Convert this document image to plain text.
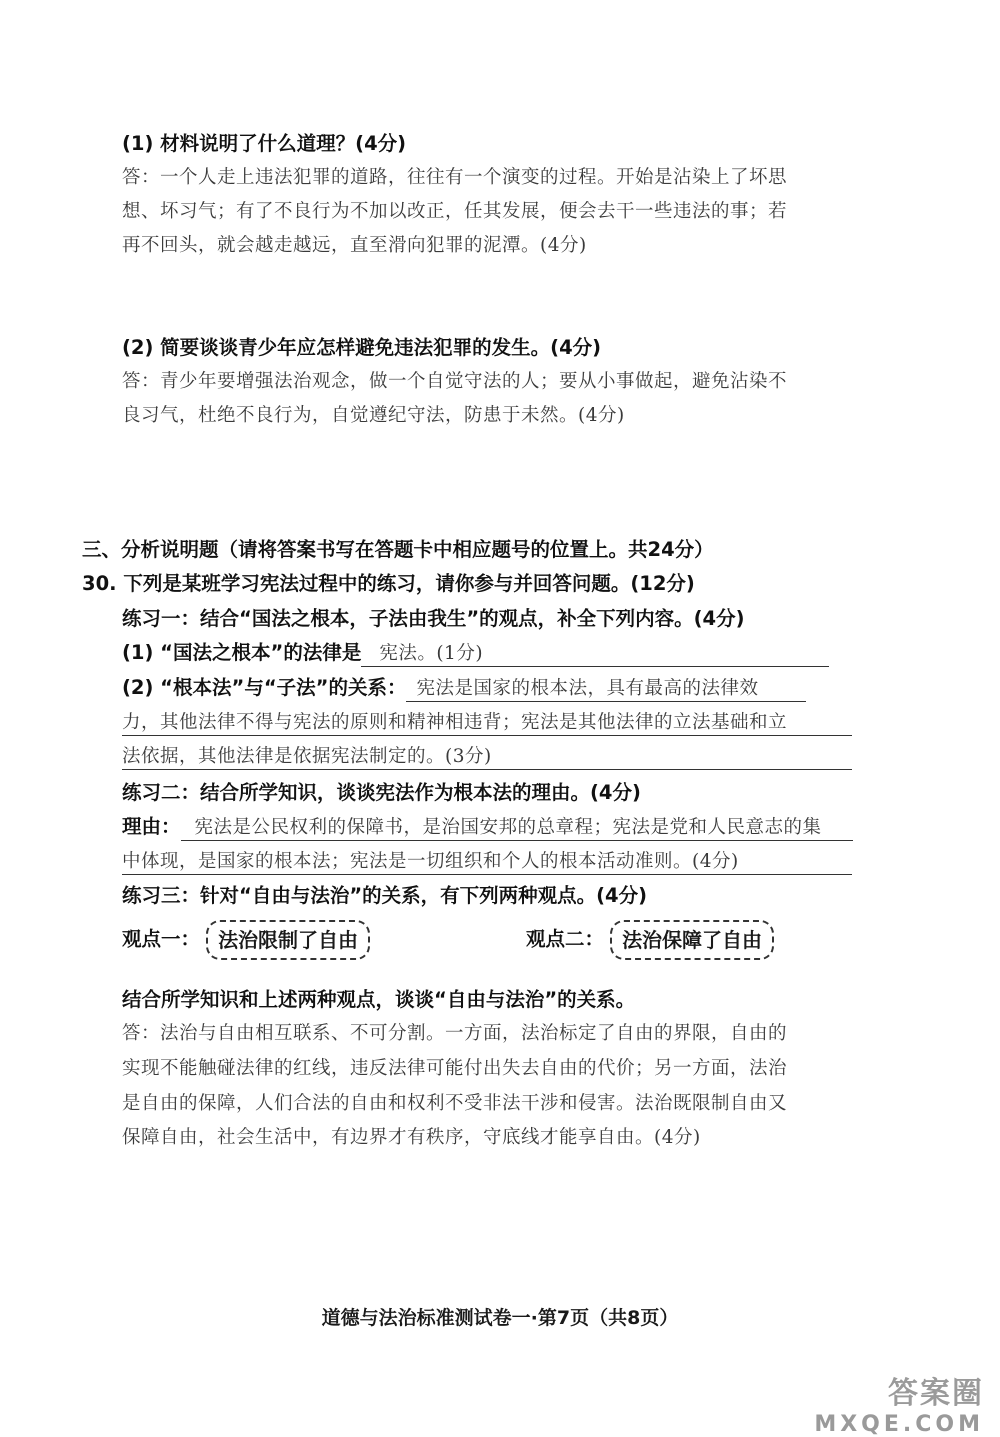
(1) 材料说明了什么道理？(4分)
答：一个人走上违法犯罪的道路，往往有一个演变的过程。开始是沾染上了坏思
想、坏习气；有了不良行为不加以改正，任其发展，便会去干一些违法的事；若
再不回头，就会越走越远，直至滑向犯罪的泥潭。(4分)
(2) 简要谈谈青少年应怎样避免违法犯罪的发生。(4分)
答：青少年要增强法治观念，做一个自觉守法的人；要从小事做起，避免沾染不
良习气，杜绝不良行为，自觉遵纪守法，防患于未然。(4分)
三、分析说明题（请将答案书写在答题卡中相应题号的位置上。共24分）
30. 下列是某班学习宪法过程中的练习，请你参与并回答问题。(12分)
练习一：结合“国法之根本，子法由我生”的观点，补全下列内容。(4分)
(1) “国法之根本”的法律是 宪法。(1分)
(2) “根本法”与“子法”的关系： 宪法是国家的根本法，具有最高的法律效
力，其他法律不得与宪法的原则和精神相违背；宪法是其他法律的立法基础和立
法依据，其他法律是依据宪法制定的。(3分)
练习二：结合所学知识，谈谈宪法作为根本法的理由。(4分)
理由： 宪法是公民权利的保障书，是治国安邦的总章程；宪法是党和人民意志的集
中体现，是国家的根本法；宪法是一切组织和个人的根本活动准则。(4分)
练习三：针对“自由与法治”的关系，有下列两种观点。(4分)
观点一： 法治限制了自由	观点二： 法治保障了自由
结合所学知识和上述两种观点，谈谈“自由与法治”的关系。
答：法治与自由相互联系、不可分割。一方面，法治标定了自由的界限，自由的
实现不能触碰法律的红线，违反法律可能付出失去自由的代价；另一方面，法治
是自由的保障，人们合法的自由和权利不受非法干涉和侵害。法治既限制自由又
保障自由，社会生活中，有边界才有秩序，守底线才能享自由。(4分)
道德与法治标准测试卷一·第7页（共8页）
答案圈
MXQE.COM
